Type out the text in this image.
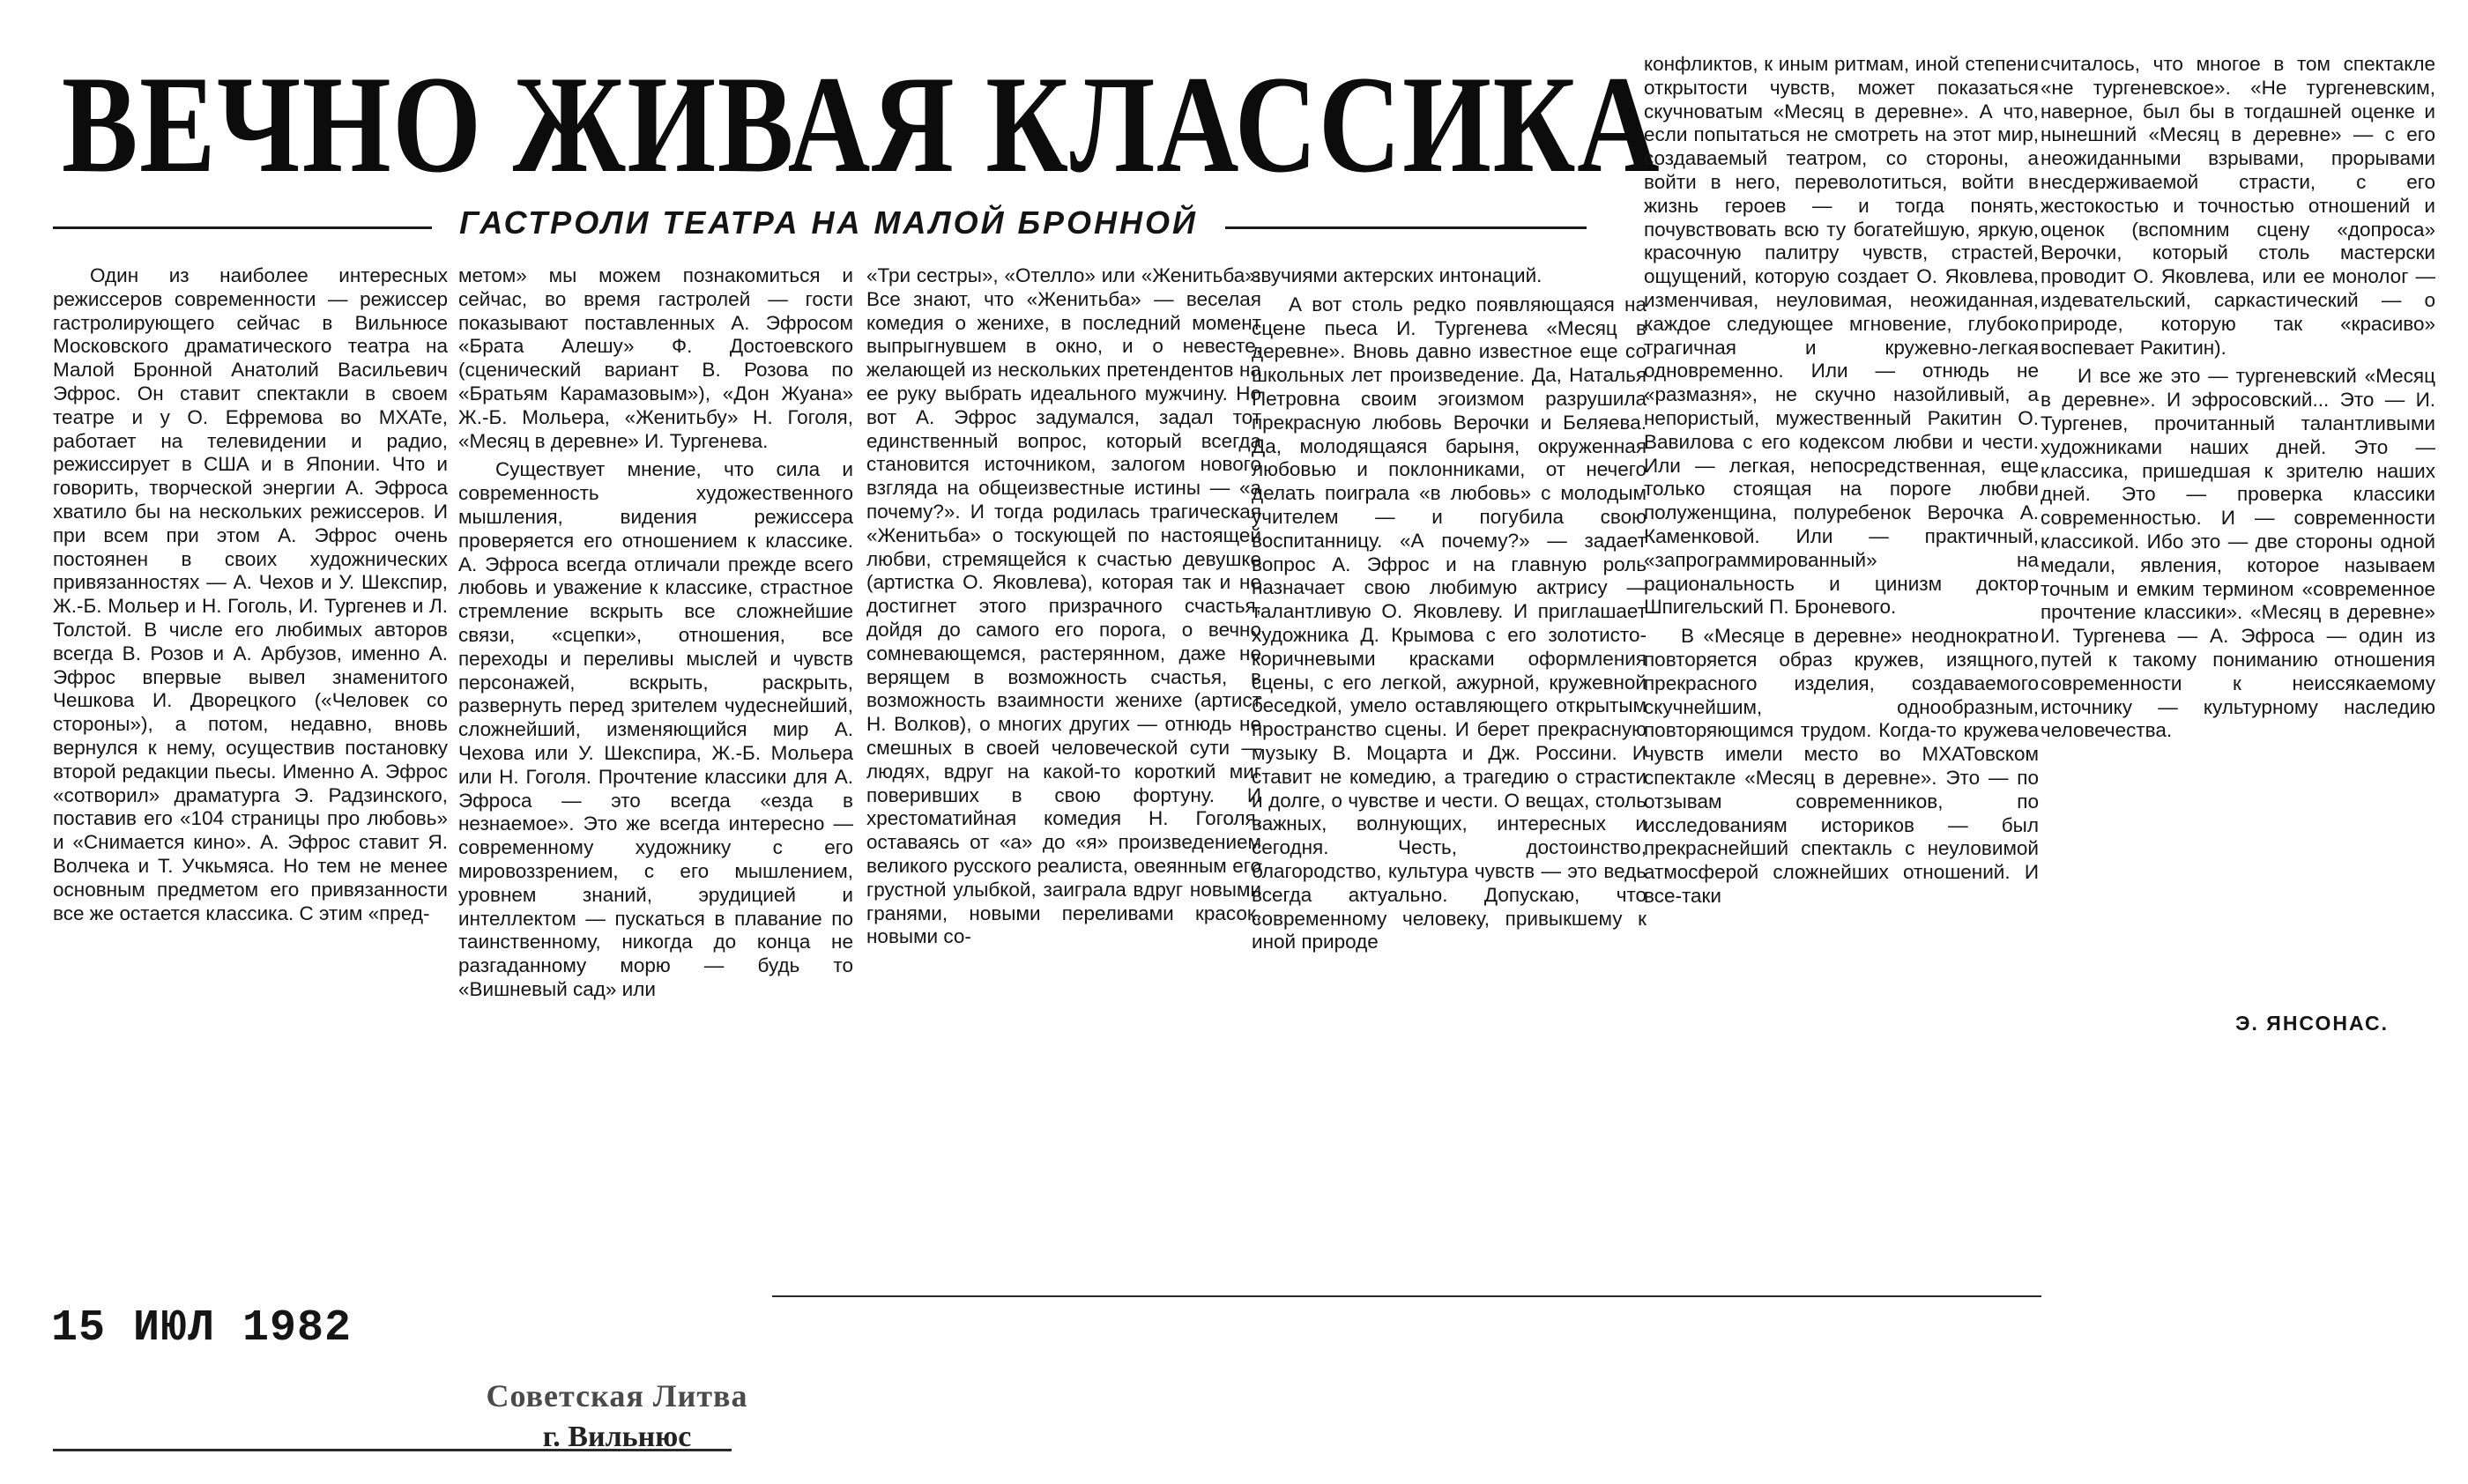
ВЕЧНО ЖИВАЯ КЛАССИКА
ГАСТРОЛИ ТЕАТРА НА МАЛОЙ БРОННОЙ

Один из наиболее интересных режиссеров современности — режиссер гастролирующего сейчас в Вильнюсе Московского драматического театра на Малой Бронной Анатолий Васильевич Эфрос. Он ставит спектакли в своем театре и у О. Ефремова во МХАТе, работает на телевидении и радио, режиссирует в США и в Японии. Что и говорить, творческой энергии А. Эфроса хватило бы на нескольких режиссеров. И при всем при этом А. Эфрос очень постоянен в своих художнических привязанностях — А. Чехов и У. Шекспир, Ж.-Б. Мольер и Н. Гоголь, И. Тургенев и Л. Толстой. В числе его любимых авторов всегда В. Розов и А. Арбузов, именно А. Эфрос впервые вывел знаменитого Чешкова И. Дворецкого («Человек со стороны»), а потом, недавно, вновь вернулся к нему, осуществив постановку второй редакции пьесы. Именно А. Эфрос «сотворил» драматурга Э. Радзинского, поставив его «104 страницы про любовь» и «Снимается кино». А. Эфрос ставит Я. Волчека и Т. Учкьмяса. Но тем не менее основным предметом его привязанности все же остается классика. С этим «пред-

метом» мы можем познакомиться и сейчас, во время гастролей — гости показывают поставленных А. Эфросом «Брата Алешу» Ф. Достоевского (сценический вариант В. Розова по «Братьям Карамазовым»), «Дон Жуана» Ж.-Б. Мольера, «Женитьбу» Н. Гоголя, «Месяц в деревне» И. Тургенева.

Существует мнение, что сила и современность художественного мышления, видения режиссера проверяется его отношением к классике. А. Эфроса всегда отличали прежде всего любовь и уважение к классике, страстное стремление вскрыть все сложнейшие связи, «сцепки», отношения, все переходы и переливы мыслей и чувств персонажей, вскрыть, раскрыть, развернуть перед зрителем чудеснейший, сложнейший, изменяющийся мир А. Чехова или У. Шекспира, Ж.-Б. Мольера или Н. Гоголя. Прочтение классики для А. Эфроса — это всегда «езда в незнаемое». Это же всегда интересно — современному художнику с его мировоззрением, с его мышлением, уровнем знаний, эрудицией и интеллектом — пускаться в плавание по таинственному, никогда до конца не разгаданному морю — будь то «Вишневый сад» или

«Три сестры», «Отелло» или «Женитьба». Все знают, что «Женитьба» — веселая комедия о женихе, в последний момент выпрыгнувшем в окно, и о невесте, желающей из нескольких претендентов на ее руку выбрать идеального мужчину. Но вот А. Эфрос задумался, задал тот единственный вопрос, который всегда становится источником, залогом нового взгляда на общеизвестные истины — «а почему?». И тогда родилась трагическая «Женитьба» о тоскующей по настоящей любви, стремящейся к счастью девушке (артистка О. Яковлева), которая так и не достигнет этого призрачного счастья, дойдя до самого его порога, о вечно сомневающемся, растерянном, даже не верящем в возможность счастья, в возможность взаимности женихе (артист Н. Волков), о многих других — отнюдь не смешных в своей человеческой сути — людях, вдруг на какой-то короткий миг поверивших в свою фортуну. И хрестоматийная комедия Н. Гоголя, оставаясь от «а» до «я» произведением великого русского реалиста, овеянным его грустной улыбкой, заиграла вдруг новыми гранями, новыми переливами красок, новыми со-

звучиями актерских интонаций.

А вот столь редко появляющаяся на сцене пьеса И. Тургенева «Месяц в деревне». Вновь давно известное еще со школьных лет произведение. Да, Наталья Петровна своим эгоизмом разрушила прекрасную любовь Верочки и Беляева. Да, молодящаяся барыня, окруженная любовью и поклонниками, от нечего делать поиграла «в любовь» с молодым учителем — и погубила свою воспитанницу. «А почему?» — задает вопрос А. Эфрос и на главную роль назначает свою любимую актрису — талантливую О. Яковлеву. И приглашает художника Д. Крымова с его золотисто-коричневыми красками оформления сцены, с его легкой, ажурной, кружевной беседкой, умело оставляющего открытым пространство сцены. И берет прекрасную музыку В. Моцарта и Дж. Россини. И ставит не комедию, а трагедию о страсти и долге, о чувстве и чести. О вещах, столь важных, волнующих, интересных и сегодня. Честь, достоинство, благородство, культура чувств — это ведь всегда актуально. Допускаю, что современному человеку, привыкшему к иной природе

конфликтов, к иным ритмам, иной степени открытости чувств, может показаться скучноватым «Месяц в деревне». А что, если попытаться не смотреть на этот мир, создаваемый театром, со стороны, а войти в него, переволотиться, войти в жизнь героев — и тогда понять, почувствовать всю ту богатейшую, яркую, красочную палитру чувств, страстей, ощущений, которую создает О. Яковлева, изменчивая, неуловимая, неожиданная, каждое следующее мгновение, глубоко трагичная и кружевно-легкая одновременно. Или — отнюдь не «размазня», не скучно назойливый, а непористый, мужественный Ракитин О. Вавилова с его кодексом любви и чести. Или — легкая, непосредственная, еще только стоящая на пороге любви полуженщина, полуребенок Верочка А. Каменковой. Или — практичный, «запрограммированный» на рациональность и цинизм доктор Шпигельский П. Броневого.

В «Месяце в деревне» неоднократно повторяется образ кружев, изящного, прекрасного изделия, создаваемого скучнейшим, однообразным, повторяющимся трудом. Когда-то кружева чувств имели место во МХАТовском спектакле «Месяц в деревне». Это — по отзывам современников, по исследованиям историков — был прекраснейший спектакль с неуловимой атмосферой сложнейших отношений. И все-таки

считалось, что многое в том спектакле «не тургеневское». «Не тургеневским, наверное, был бы в тогдашней оценке и нынешний «Месяц в деревне» — с его неожиданными взрывами, прорывами несдерживаемой страсти, с его жестокостью и точностью отношений и оценок (вспомним сцену «допроса» Верочки, который столь мастерски проводит О. Яковлева, или ее монолог — издевательский, саркастический — о природе, которую так «красиво» воспевает Ракитин).

И все же это — тургеневский «Месяц в деревне». И эфросовский... Это — И. Тургенев, прочитанный талантливыми художниками наших дней. Это — классика, пришедшая к зрителю наших дней. Это — проверка классики современностью. И — современности классикой. Ибо это — две стороны одной медали, явления, которое называем точным и емким термином «современное прочтение классики». «Месяц в деревне» И. Тургенева — А. Эфроса — один из путей к такому пониманию отношения современности к неиссякаемому источнику — культурному наследию человечества.

Э. ЯНСОНАС.
15 ИЮЛ 1982
Советская Литва
г. Вильнюс
